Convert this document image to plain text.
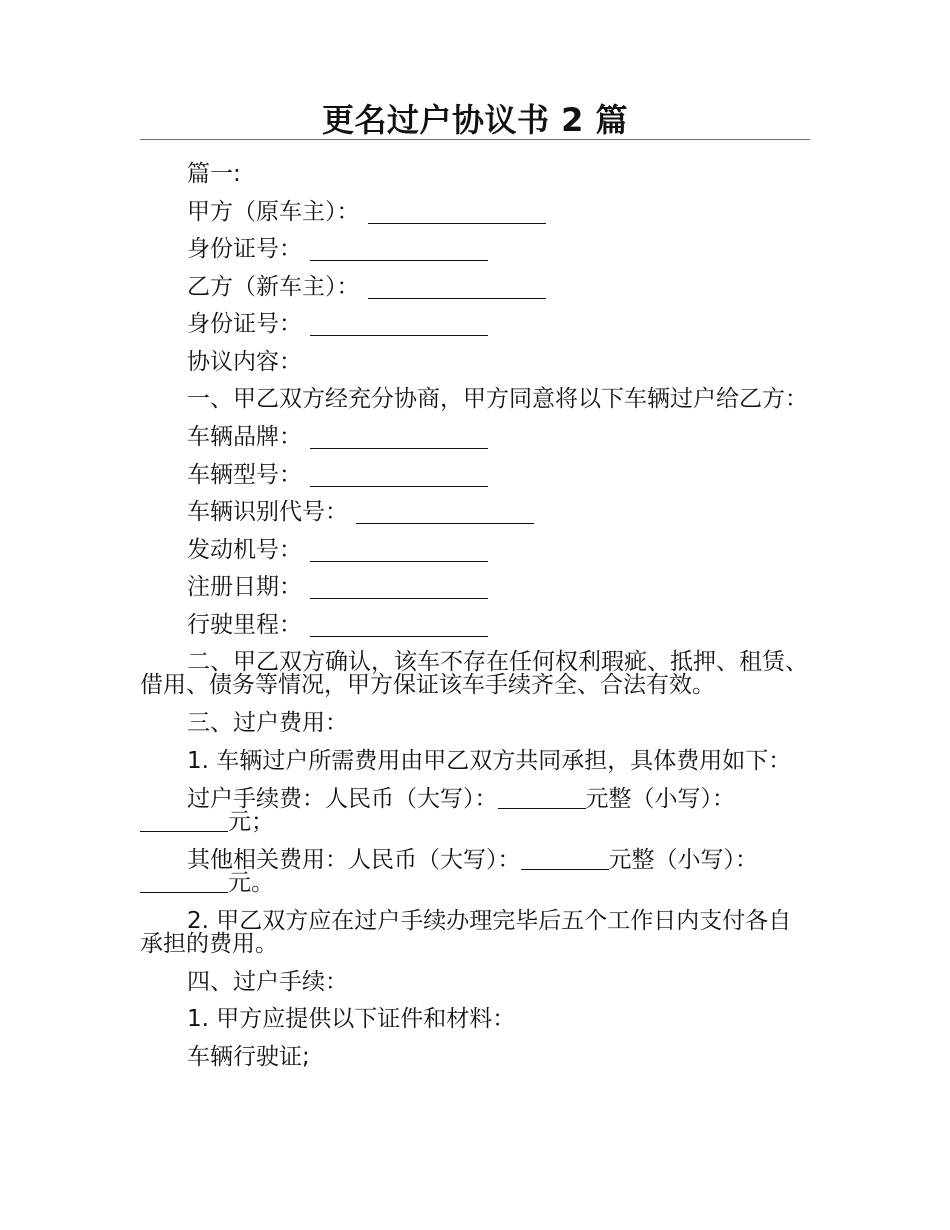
更名过户协议书 2 篇

篇一:

甲方（原车主）：

身份证号：

乙方（新车主）：

身份证号：

协议内容：

一、甲乙双方经充分协商，甲方同意将以下车辆过户给乙方：

车辆品牌：

车辆型号：

车辆识别代号：

发动机号：

注册日期：

行驶里程：

二、甲乙双方确认，该车不存在任何权利瑕疵、抵押、租赁、借用、债务等情况，甲方保证该车手续齐全、合法有效。

三、过户费用：

1. 车辆过户所需费用由甲乙双方共同承担，具体费用如下：

过户手续费：人民币（大写）：	元整（小写）：元；

其他相关费用：人民币（大写）：	元整（小写）：元。

2. 甲乙双方应在过户手续办理完毕后五个工作日内支付各自承担的费用。

四、过户手续：

1. 甲方应提供以下证件和材料：

车辆行驶证;
